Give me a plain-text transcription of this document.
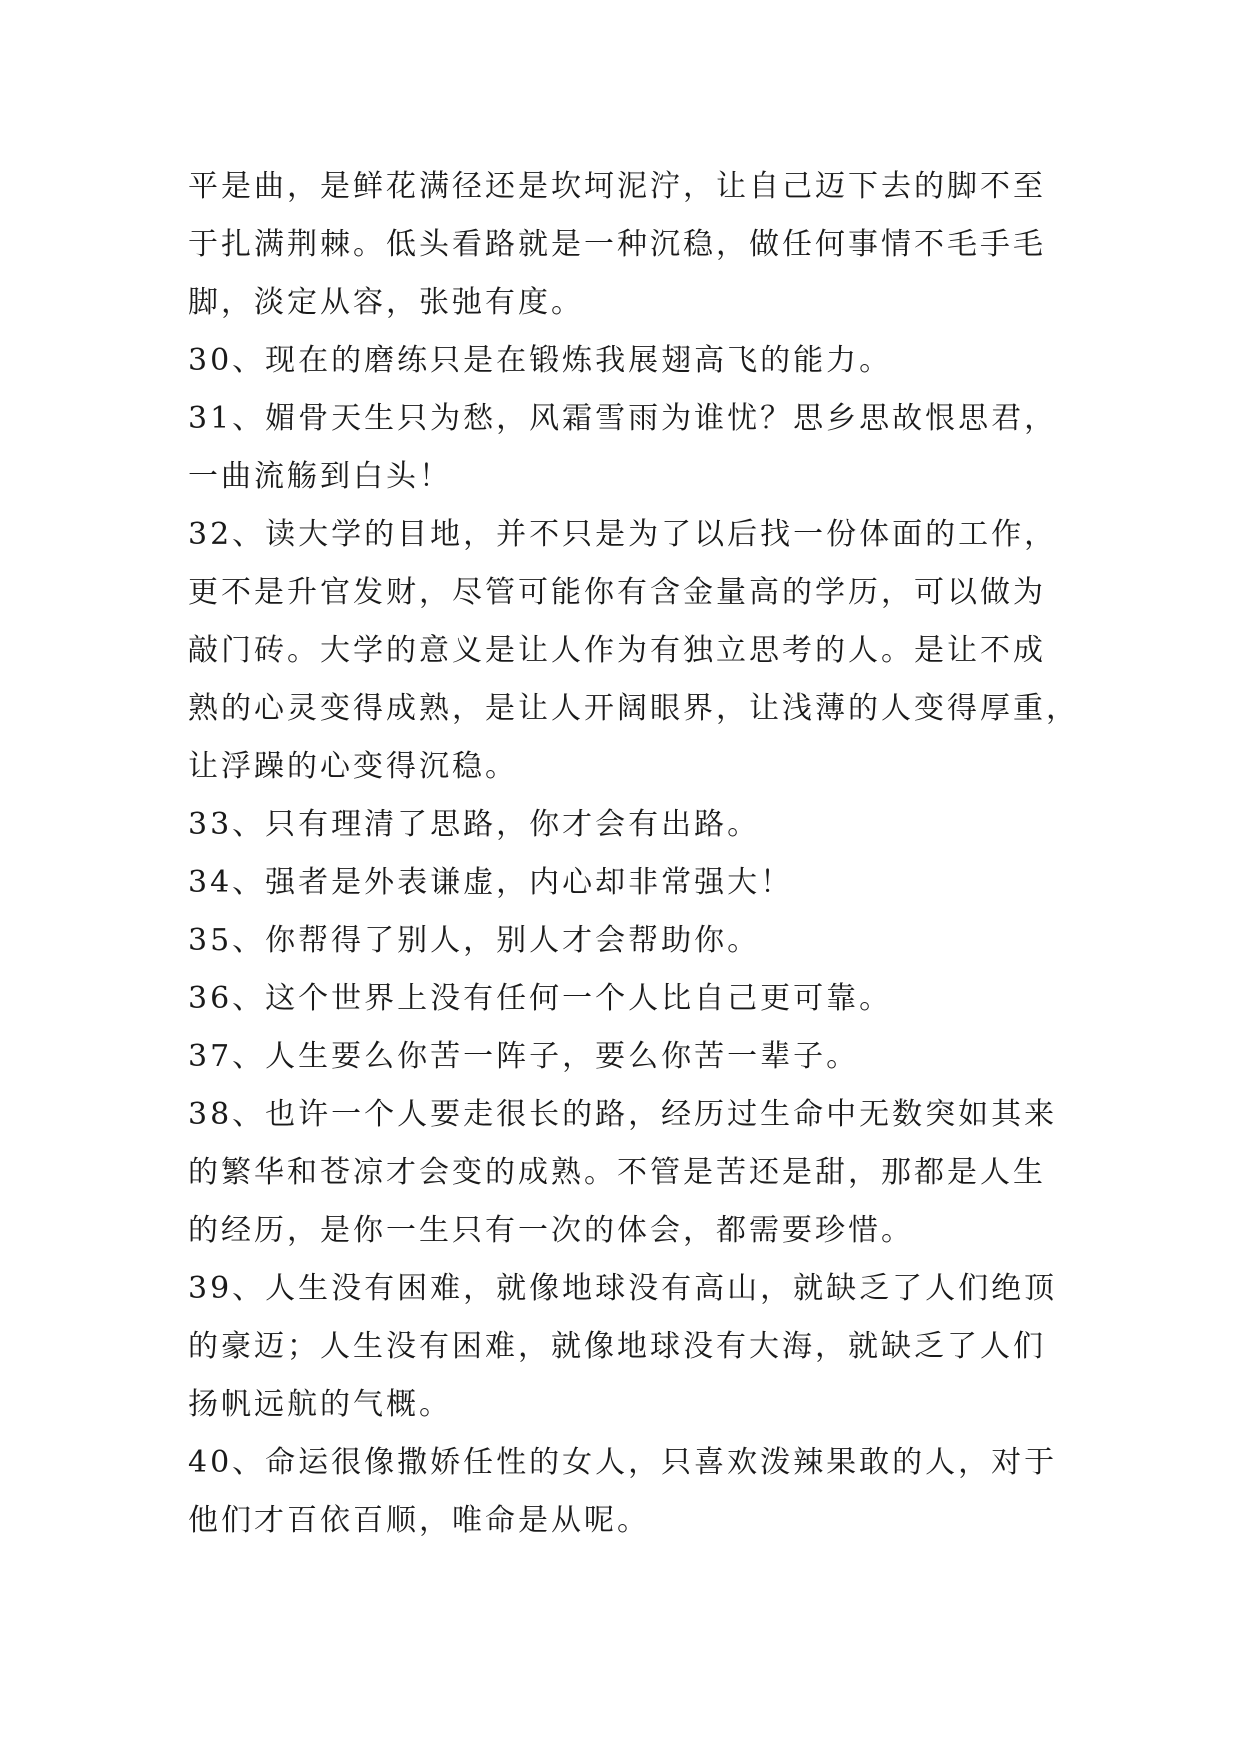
平是曲，是鲜花满径还是坎坷泥泞，让自己迈下去的脚不至
于扎满荆棘。低头看路就是一种沉稳，做任何事情不毛手毛
脚，淡定从容，张弛有度。

30、现在的磨练只是在锻炼我展翅高飞的能力。

31、媚骨天生只为愁，风霜雪雨为谁忧？思乡思故恨思君，
一曲流觞到白头！

32、读大学的目地，并不只是为了以后找一份体面的工作，
更不是升官发财，尽管可能你有含金量高的学历，可以做为
敲门砖。大学的意义是让人作为有独立思考的人。是让不成
熟的心灵变得成熟，是让人开阔眼界，让浅薄的人变得厚重，
让浮躁的心变得沉稳。

33、只有理清了思路，你才会有出路。

34、强者是外表谦虚，内心却非常强大！

35、你帮得了别人，别人才会帮助你。

36、这个世界上没有任何一个人比自己更可靠。

37、人生要么你苦一阵子，要么你苦一辈子。

38、也许一个人要走很长的路，经历过生命中无数突如其来
的繁华和苍凉才会变的成熟。不管是苦还是甜，那都是人生
的经历，是你一生只有一次的体会，都需要珍惜。

39、人生没有困难，就像地球没有高山，就缺乏了人们绝顶
的豪迈；人生没有困难，就像地球没有大海，就缺乏了人们
扬帆远航的气概。

40、命运很像撒娇任性的女人，只喜欢泼辣果敢的人，对于
他们才百依百顺，唯命是从呢。
